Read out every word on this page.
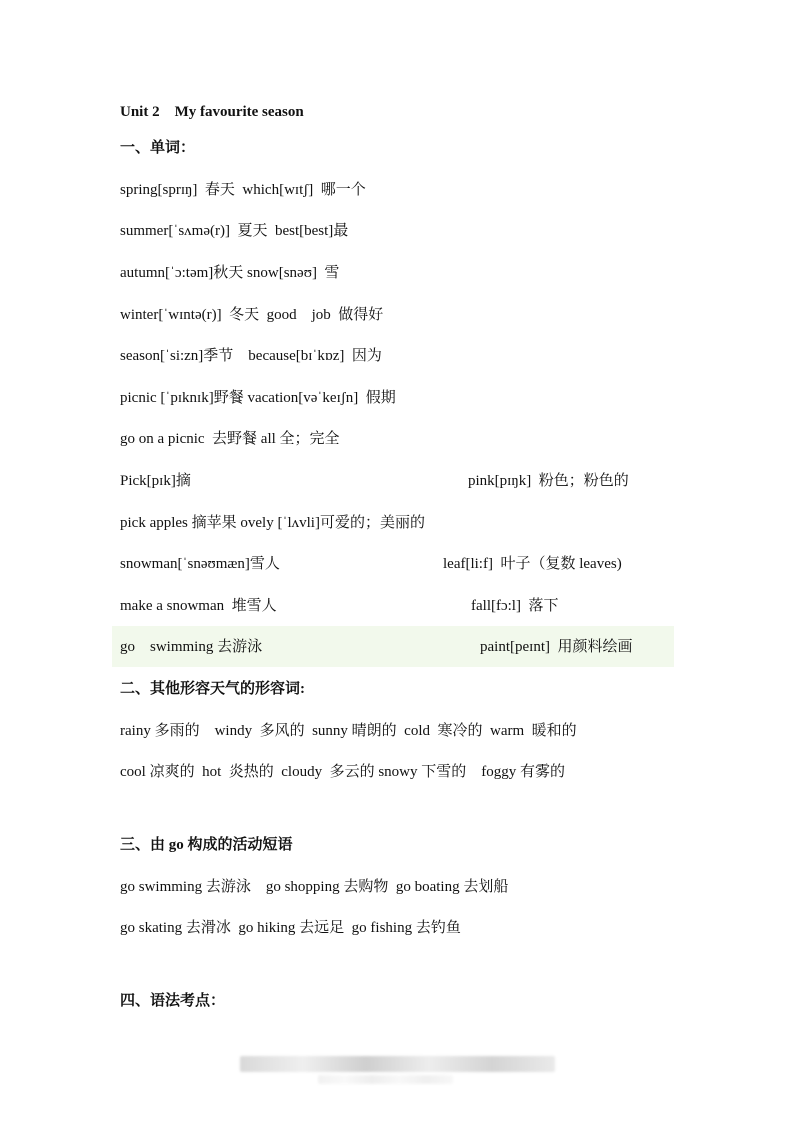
Unit 2    My favourite season
一、单词：
spring[sprɪŋ]  春天  which[wɪtʃ]  哪一个
summer[ˈsʌmə(r)]  夏天  best[best]最
autumn[ˈɔ:təm]秋天 snow[snəʊ]  雪
winter[ˈwɪntə(r)]  冬天  good    job  做得好
season[ˈsi:zn]季节    because[bɪˈkɒz]  因为
picnic [ˈpɪknɪk]野餐 vacation[vəˈkeɪʃn]  假期
go on a picnic  去野餐 all 全；完全
Pick[pɪk]摘	pink[pɪŋk]  粉色；粉色的
pick apples 摘苹果 ovely [ˈlʌvli]可爱的；美丽的
snowman[ˈsnəʊmæn]雪人	leaf[li:f]  叶子（复数 leaves)
make a snowman  堆雪人	fall[fɔ:l]  落下
go    swimming 去游泳	paint[peɪnt]  用颜料绘画
二、其他形容天气的形容词:
rainy 多雨的    windy  多风的  sunny 晴朗的  cold  寒冷的  warm  暖和的
cool 凉爽的  hot  炎热的  cloudy  多云的 snowy 下雪的    foggy 有雾的
三、由 go 构成的活动短语
go swimming 去游泳    go shopping 去购物  go boating 去划船
go skating 去滑冰  go hiking 去远足  go fishing 去钓鱼
四、语法考点：
